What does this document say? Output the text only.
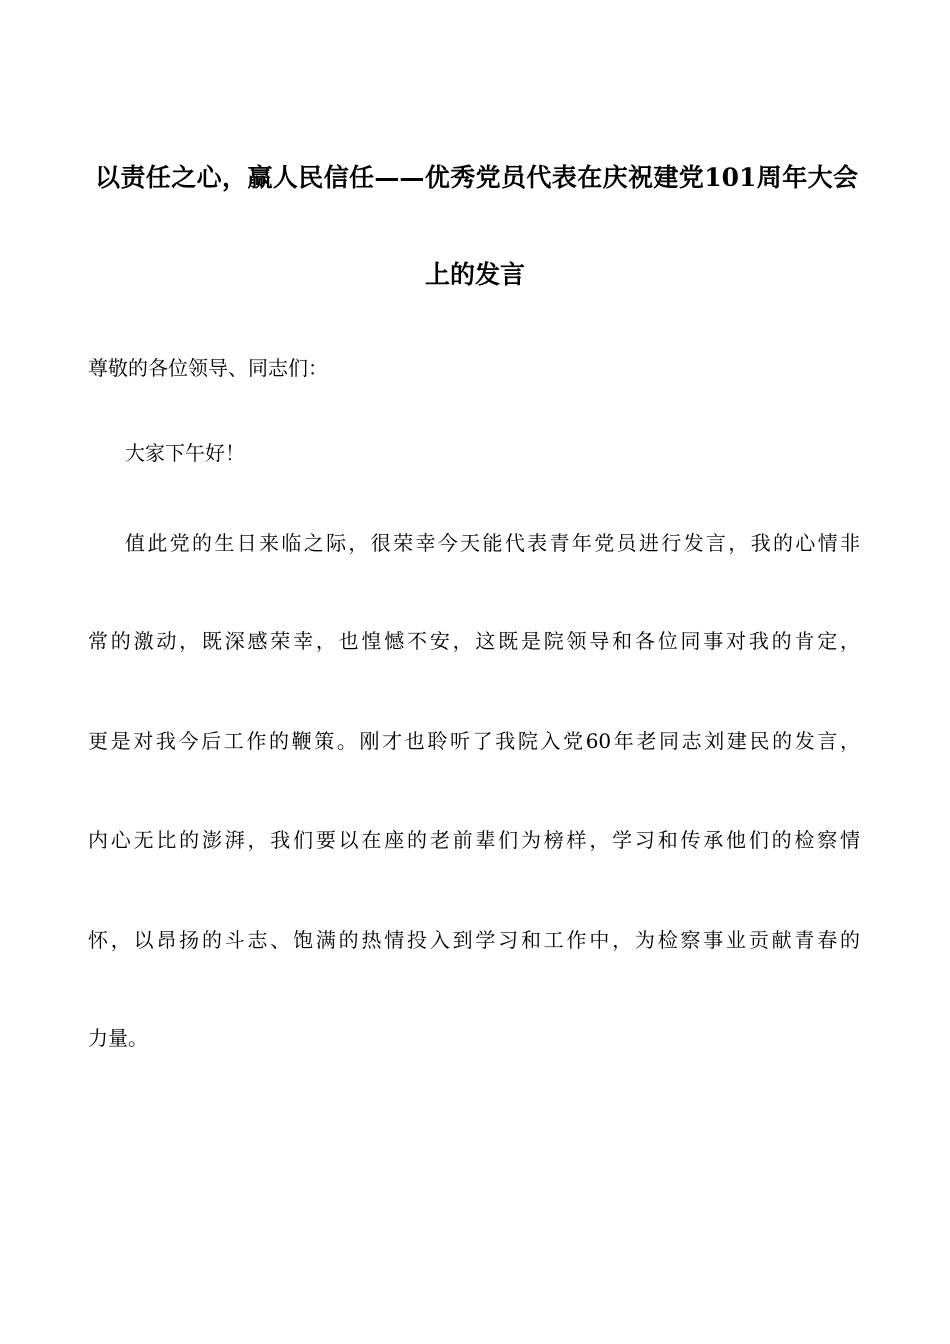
以责任之心，赢人民信任——优秀党员代表在庆祝建党101周年大会
上的发言
尊敬的各位领导、同志们：
大家下午好！
值此党的生日来临之际，很荣幸今天能代表青年党员进行发言，我的心情非
常的激动，既深感荣幸，也惶憾不安，这既是院领导和各位同事对我的肯定，
更是对我今后工作的鞭策。刚才也聆听了我院入党60年老同志刘建民的发言，
内心无比的澎湃，我们要以在座的老前辈们为榜样，学习和传承他们的检察情
怀，以昂扬的斗志、饱满的热情投入到学习和工作中，为检察事业贡献青春的
力量。
